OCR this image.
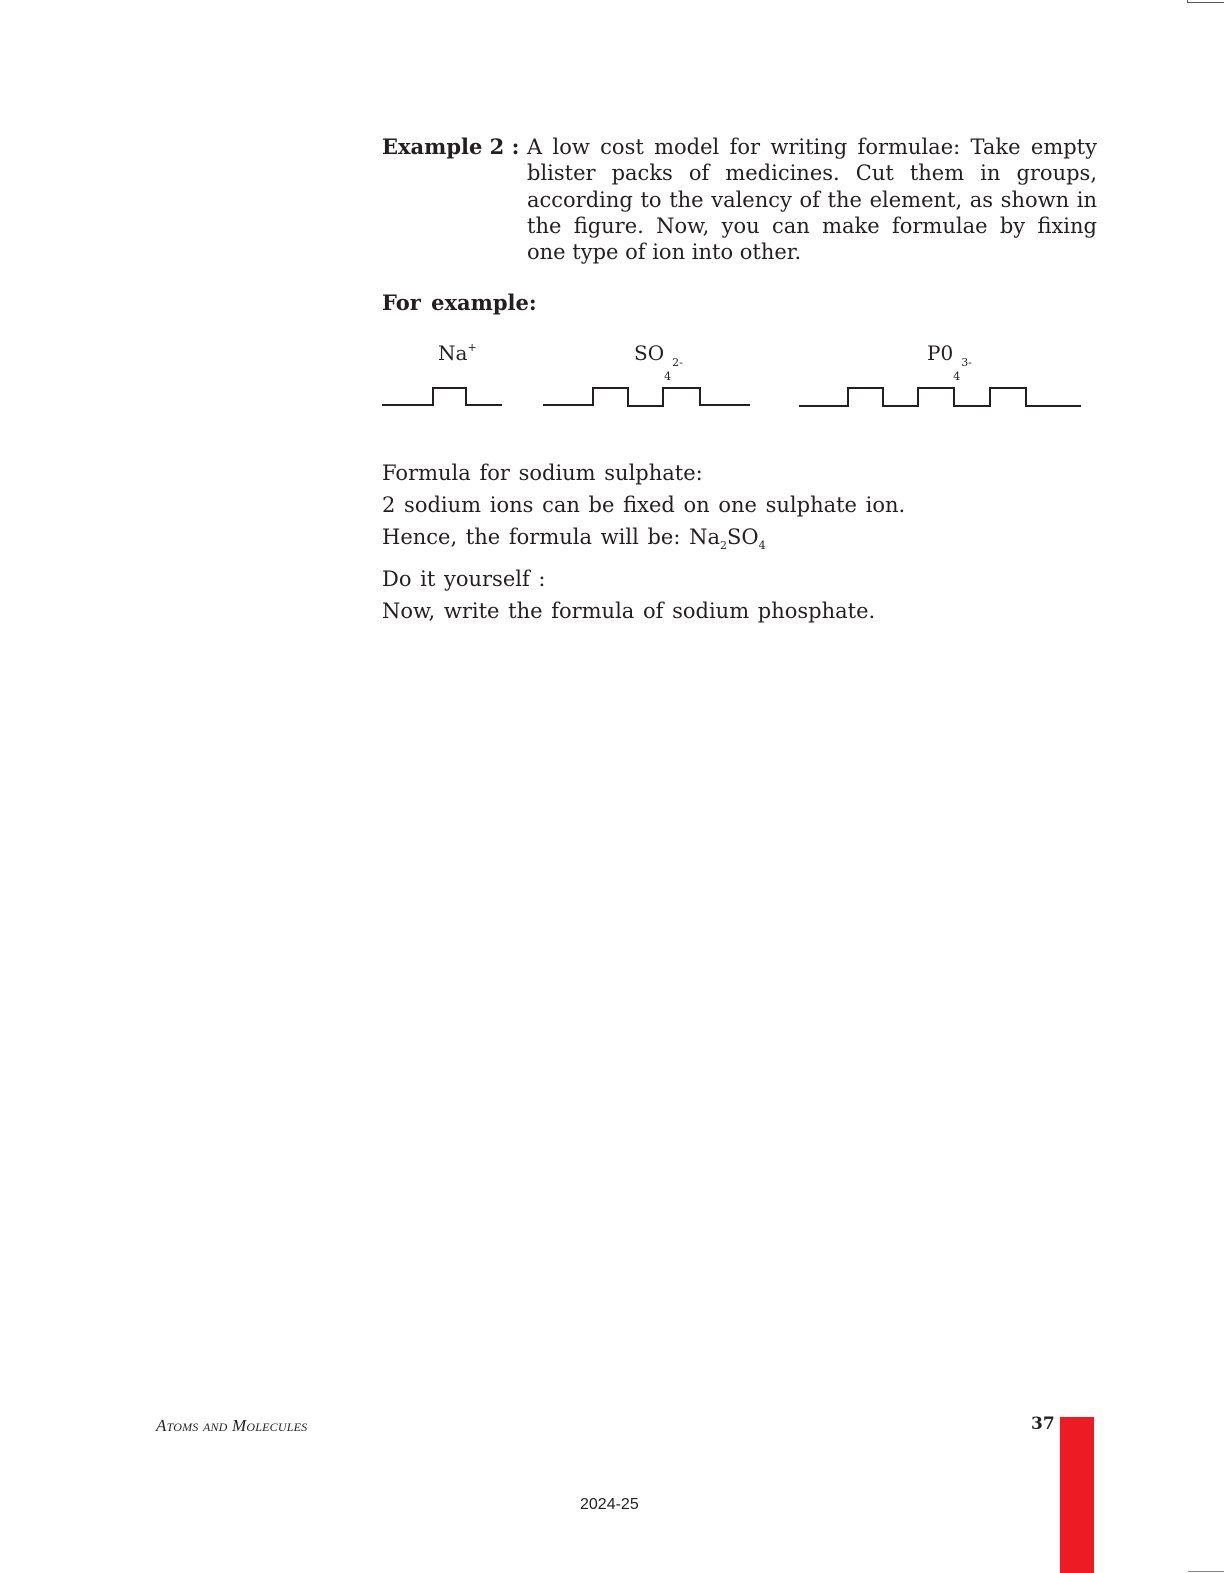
Example 2 : A low cost model for writing formulae: Take empty blister packs of medicines. Cut them in groups, according to the valency of the element, as shown in the figure. Now, you can make formulae by fixing one type of ion into other.
For example:
Na+	SO
4
2-	P0
4
3-
Formula for sodium sulphate:
2 sodium ions can be fixed on one sulphate ion.
Hence, the formula will be: $Na_2SO_4$
Do it yourself :
Now, write the formula of sodium phosphate.
Atoms and Molecules	37
2024-25
